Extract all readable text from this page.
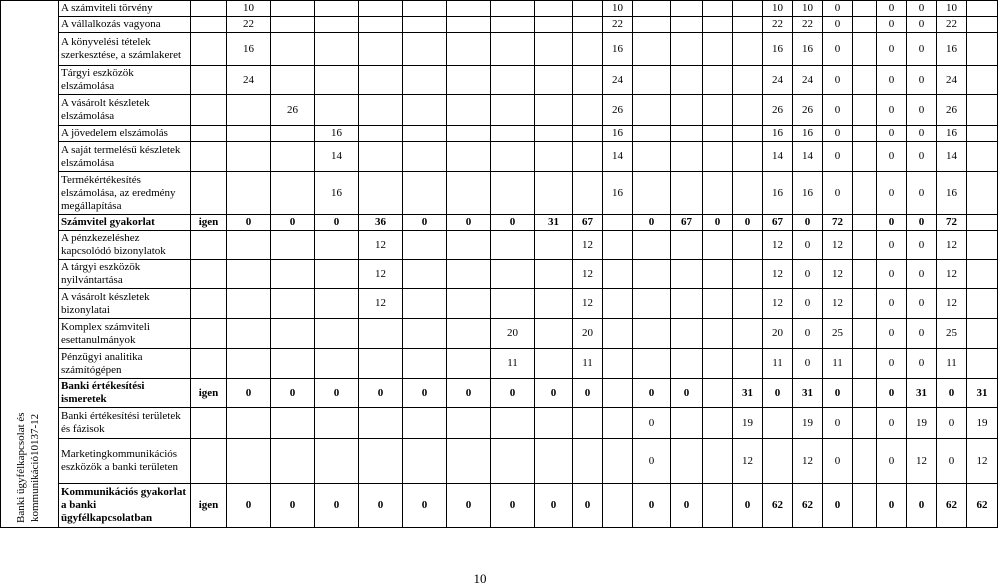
Banki ügyfélkapcsolat és kommunikáció10137-12
	A számviteli törvény		10									10					10	10	0		0	0	10	
	A vállalkozás vagyona		22									22					22	22	0		0	0	22	
	A könyvelési tételek szerkesztése, a számlakeret		16									16					16	16	0		0	0	16	
	Tárgyi eszközök elszámolása		24									24					24	24	0		0	0	24	
	A vásárolt készletek elszámolása			26								26					26	26	0		0	0	26	
	A jövedelem elszámolás				16							16					16	16	0		0	0	16	
	A saját termelésű készletek elszámolása				14							14					14	14	0		0	0	14	
	Termékértékesítés elszámolása, az eredmény megállapítása				16							16					16	16	0		0	0	16	
	Számvitel gyakorlat	igen	0	0	0	36	0	0	0	31	67		0	67	0	0	67	0	72		0	0	72	
	A pénzkezeléshez kapcsolódó bizonylatok					12					12						12	0	12		0	0	12	
	A tárgyi eszközök nyilvántartása					12					12						12	0	12		0	0	12	
	A vásárolt készletek bizonylatai					12					12						12	0	12		0	0	12	
	Komplex számviteli esettanulmányok								20		20						20	0	25		0	0	25	
	Pénzügyi analitika számítógépen								11		11						11	0	11		0	0	11	
	Banki értékesítési ismeretek	igen	0	0	0	0	0	0	0	0	0		0	0		31	0	31	0		0	31	0	31
	Banki értékesítési területek és fázisok												0			19		19	0		0	19	0	19
	Marketingkommunikációs eszközök a banki területen												0			12		12	0		0	12	0	12
	Kommunikációs gyakorlat a banki ügyfélkapcsolatban	igen	0	0	0	0	0	0	0	0	0		0	0		0	62	62	0		0	0	62	62
10
